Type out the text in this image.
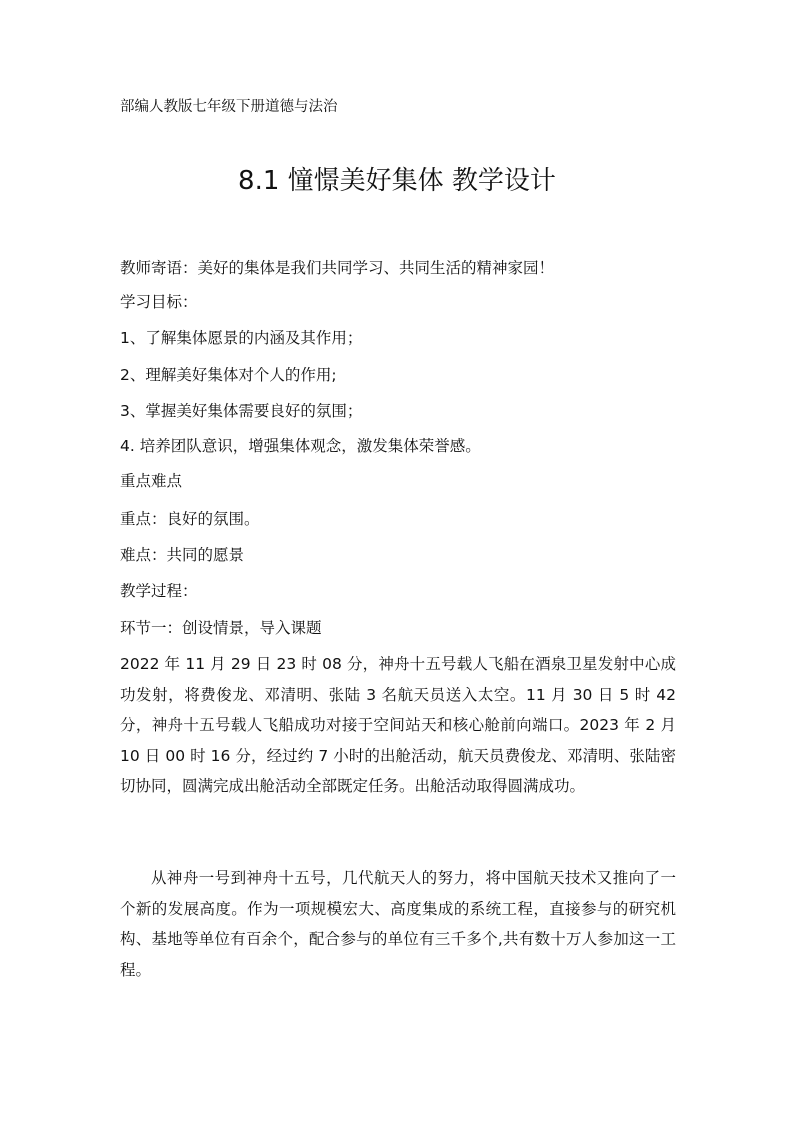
部编人教版七年级下册道德与法治
8.1 憧憬美好集体 教学设计
教师寄语：美好的集体是我们共同学习、共同生活的精神家园！
学习目标：
1、了解集体愿景的内涵及其作用；
2、理解美好集体对个人的作用;
3、掌握美好集体需要良好的氛围；
4. 培养团队意识，增强集体观念，激发集体荣誉感。
重点难点
重点：良好的氛围。
难点：共同的愿景
教学过程：
环节一：创设情景，导入课题
2022 年 11 月 29 日 23 时 08 分，神舟十五号载人飞船在酒泉卫星发射中心成功发射，将费俊龙、邓清明、张陆 3 名航天员送入太空。11 月 30 日 5 时 42 分，神舟十五号载人飞船成功对接于空间站天和核心舱前向端口。2023 年 2 月 10 日 00 时 16 分，经过约 7 小时的出舱活动，航天员费俊龙、邓清明、张陆密切协同，圆满完成出舱活动全部既定任务。出舱活动取得圆满成功。
从神舟一号到神舟十五号，几代航天人的努力，将中国航天技术又推向了一个新的发展高度。作为一项规模宏大、高度集成的系统工程，直接参与的研究机构、基地等单位有百余个，配合参与的单位有三千多个,共有数十万人参加这一工程。
